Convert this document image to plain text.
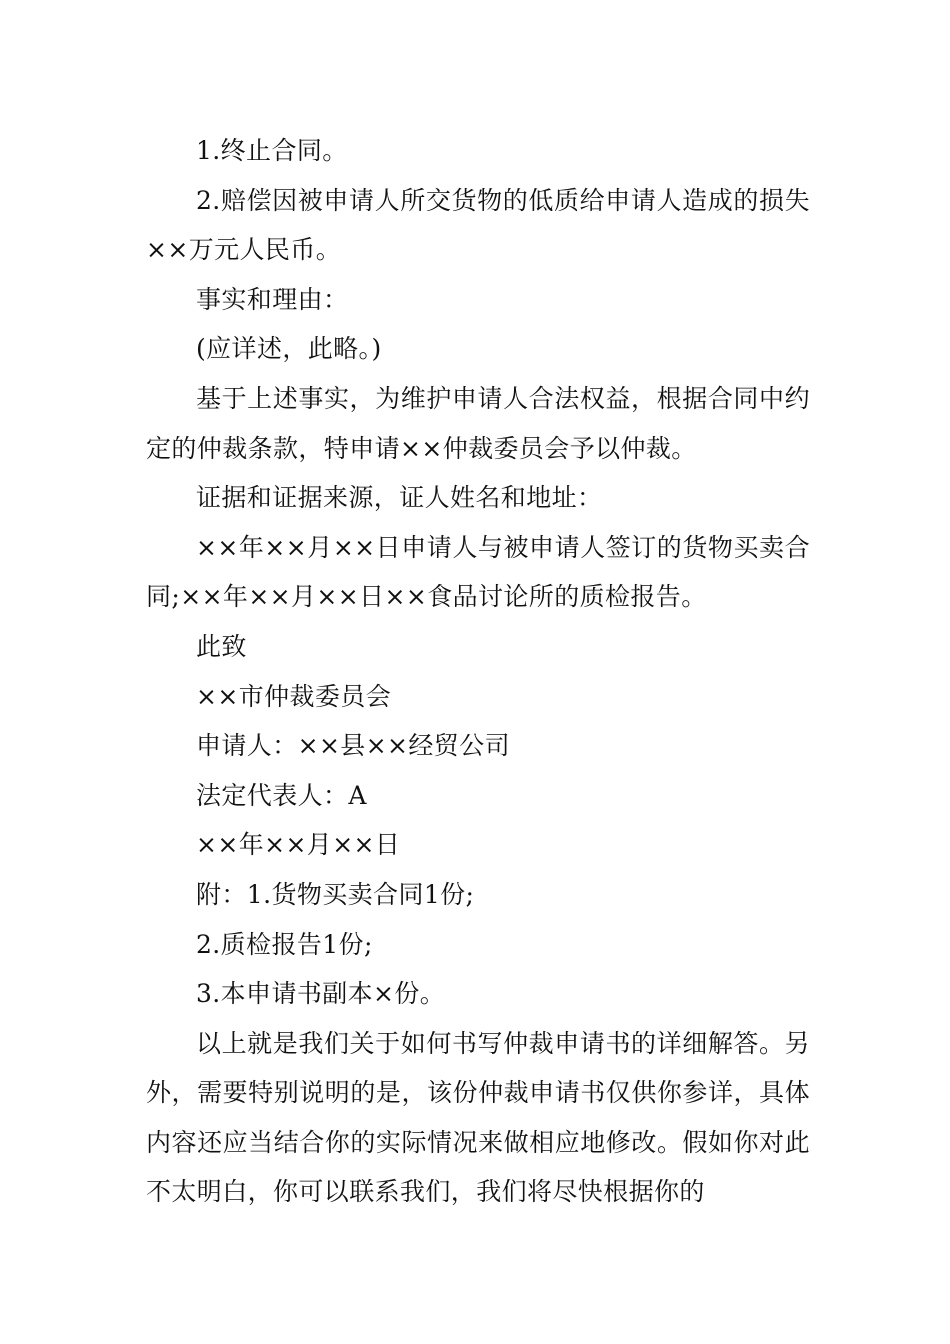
1.终止合同。

2.赔偿因被申请人所交货物的低质给申请人造成的损失××万元人民币。

事实和理由：

(应详述，此略。)

基于上述事实，为维护申请人合法权益，根据合同中约定的仲裁条款，特申请××仲裁委员会予以仲裁。

证据和证据来源，证人姓名和地址：

××年××月××日申请人与被申请人签订的货物买卖合同;××年××月××日××食品讨论所的质检报告。

此致

××市仲裁委员会

申请人：××县××经贸公司

法定代表人：A

××年××月××日

附：1.货物买卖合同1份;

2.质检报告1份;

3.本申请书副本×份。

以上就是我们关于如何书写仲裁申请书的详细解答。另外，需要特别说明的是，该份仲裁申请书仅供你参详，具体内容还应当结合你的实际情况来做相应地修改。假如你对此不太明白，你可以联系我们，我们将尽快根据你的
